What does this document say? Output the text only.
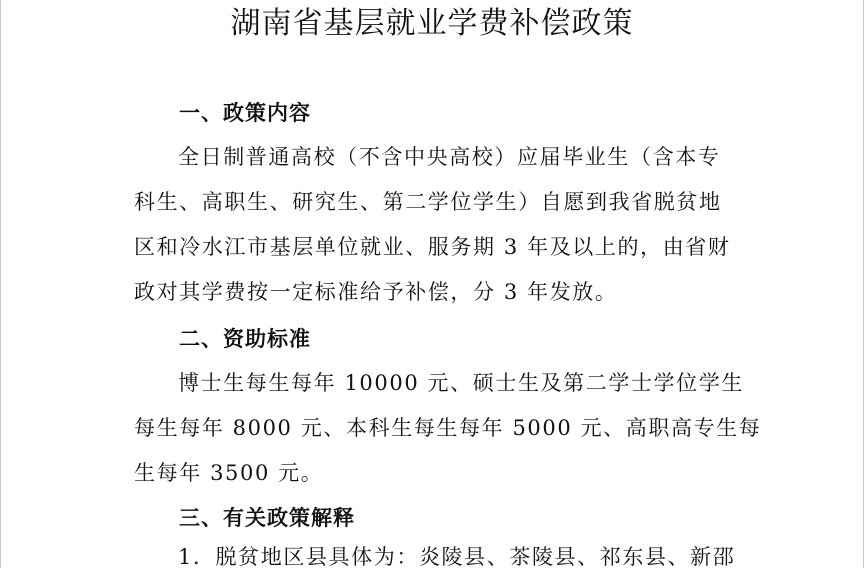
湖南省基层就业学费补偿政策
一、政策内容
全日制普通高校（不含中央高校）应届毕业生（含本专
科生、高职生、研究生、第二学位学生）自愿到我省脱贫地
区和冷水江市基层单位就业、服务期 3 年及以上的，由省财
政对其学费按一定标准给予补偿，分 3 年发放。
二、资助标准
博士生每生每年 10000 元、硕士生及第二学士学位学生
每生每年 8000 元、本科生每生每年 5000 元、高职高专生每
生每年 3500 元。
三、有关政策解释
1．脱贫地区县具体为：炎陵县、茶陵县、祁东县、新邵
